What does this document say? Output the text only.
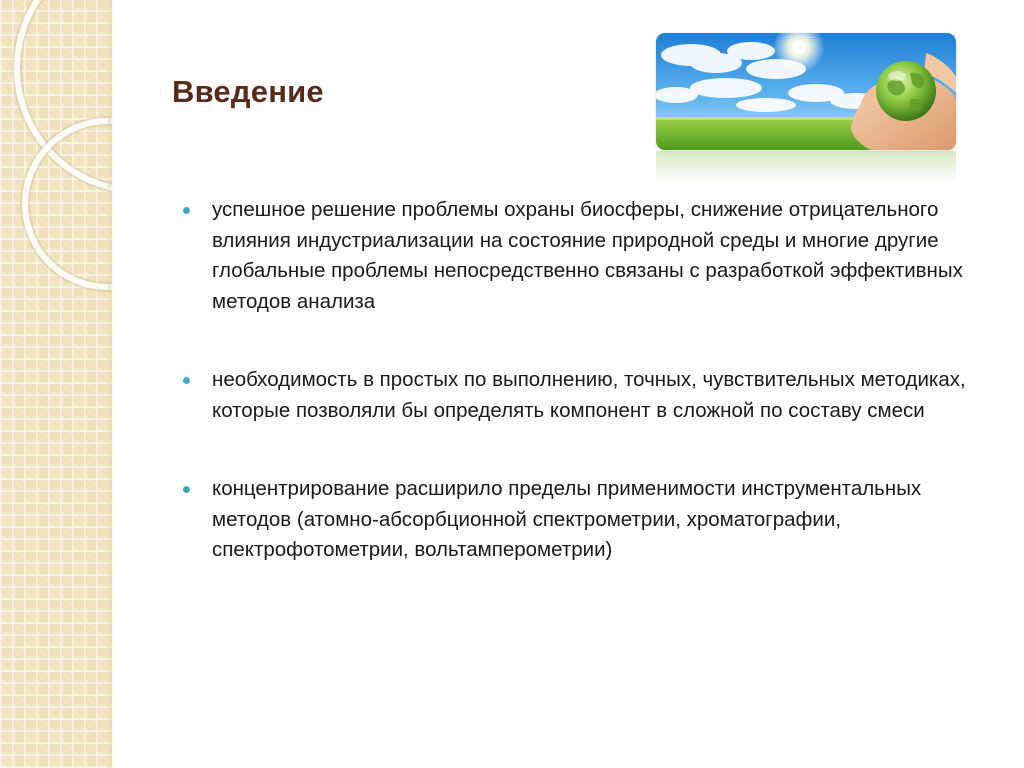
Введение
успешное решение проблемы охраны биосферы, снижение отрицательного влияния индустриализации на состояние природной среды и многие другие глобальные проблемы непосредственно связаны с разработкой эффективных методов анализа
необходимость в простых по выполнению, точных, чувствительных методиках, которые позволяли бы определять компонент в сложной по составу смеси
концентрирование расширило пределы применимости инструментальных методов (атомно-абсорбционной спектрометрии, хроматографии, спектрофотометрии, вольтамперометрии)
